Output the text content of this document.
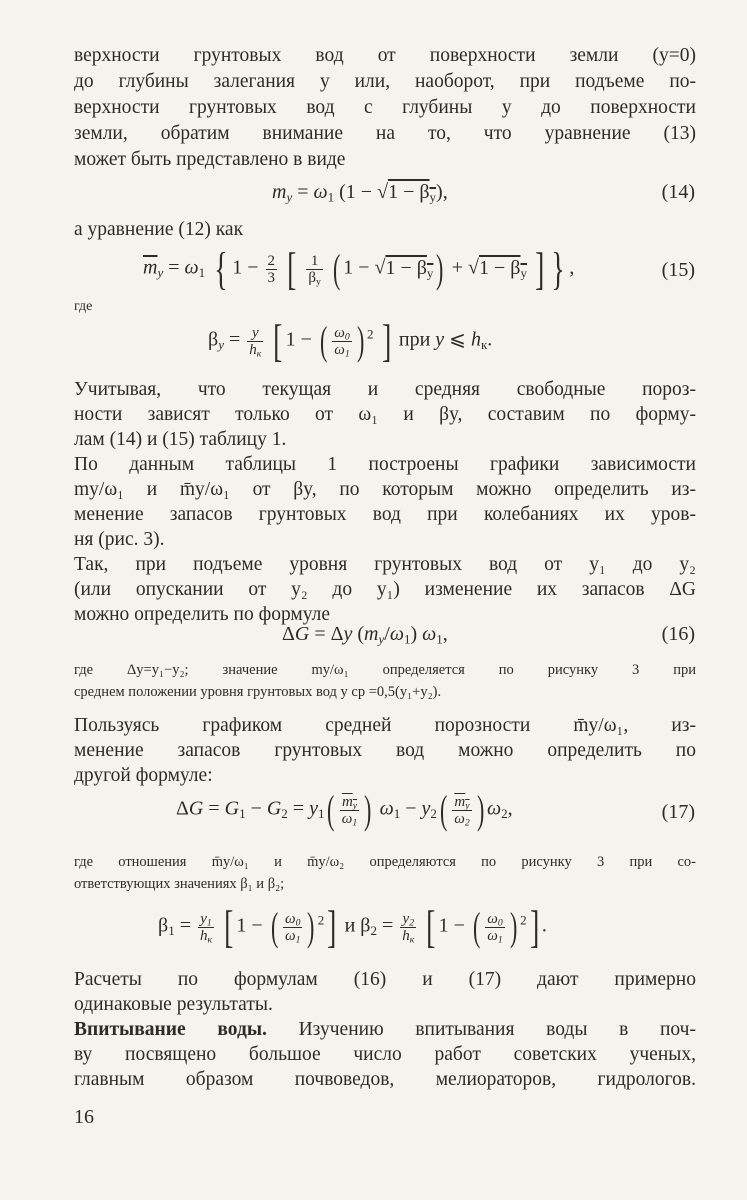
верхности грунтовых вод от поверхности земли (y=0)
до глубины залегания y или, наоборот, при подъеме по-
верхности грунтовых вод с глубины y до поверхности
земли, обратим внимание на то, что уравнение (13)
может быть представлено в виде
$m_y = \omega_1$ $(1 - √1 - \beta_y)$,	(14)
а уравнение (12) как
$\overline{m}_y = \omega_1$ { $1 - \frac{2}{3}$ [ $\frac{1}{\beta_y}$ ( $1 - √1 - \beta_y) + √1 - \beta_y$ ] } ,	(15)
где
$\beta_y = \frac{y}{h_к}$ [ 1 − ( $\frac{\omega_0}{\omega_1}$ ) $^2$ ] при y ⩽ $h_к$.
Учитывая, что текущая и средняя свободные порoз-
ности зависят только от ω₁ и βy, составим по форму-
лам (14) и (15) таблицу 1.
По данным таблицы 1 построены графики зависимости
my/ω₁ и m̄y/ω₁ от βy, по которым можно определить из-
менение запасов грунтовых вод при колебаниях их уров-
ня (рис. 3).
Так, при подъеме уровня грунтовых вод от y₁ до y₂
(или опускании от y₂ до y₁) изменение их запасов ΔG
можно определить по формуле
ΔG = Δy $(m_y/\omega_1)$ $\omega_1$,	(16)
где Δy=y₁−y₂; значение my/ω₁ определяется по рисунку 3 при
среднем положении уровня грунтовых вод y ср =0,5(y₁+y₂).
Пользуясь графиком средней порозности m̄y/ω₁, из-
менение запасов грунтовых вод можно определить по
другой формуле:
$\Delta G = G_1 - G_2 = y_1( \frac{m_y}{\omega_1}$ ) $\omega_1 - y_2( \frac{m_y}{\omega_2}$ ) $\omega_2$,	(17)
где отношения m̄y/ω₁ и m̄y/ω₂ определяются по рисунку 3 при со-
ответствующих значениях β₁ и β₂;
$\beta_1 = \frac{y_1}{h_к}$ [ 1 − ( $\frac{\omega_0}{\omega_1}$ ) $^2$] и $\beta_2 = \frac{y_2}{h_к}$ [ 1 − ( $\frac{\omega_0}{\omega_1}$ ) $^2$] .
Расчеты по формулам (16) и (17) дают примерно
одинаковые результаты.
Впитывание воды. Изучению впитывания воды в поч-
ву посвящено большое число работ советских ученых,
главным образом почвоведов, мелиораторов, гидрологов.
16
